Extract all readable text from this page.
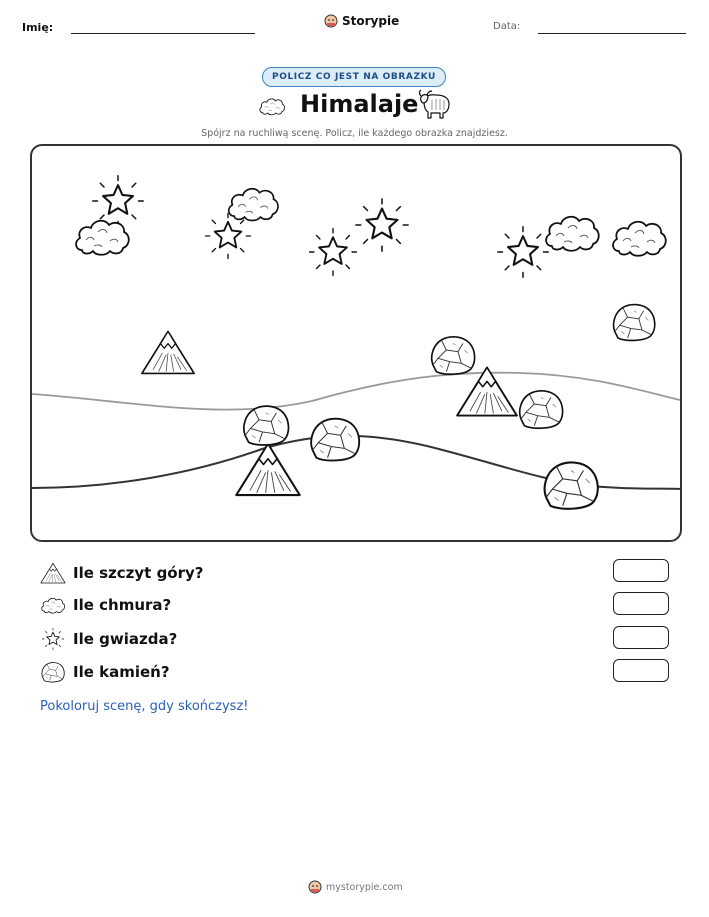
Imię:	Storypie	Data:
POLICZ CO JEST NA OBRAZKU
Himalaje
Spójrz na ruchliwą scenę. Policz, ile każdego obrazka znajdziesz.
Ile szczyt góry?
Ile chmura?
Ile gwiazda?
Ile kamień?
Pokoloruj scenę, gdy skończysz!
mystorypie.com
